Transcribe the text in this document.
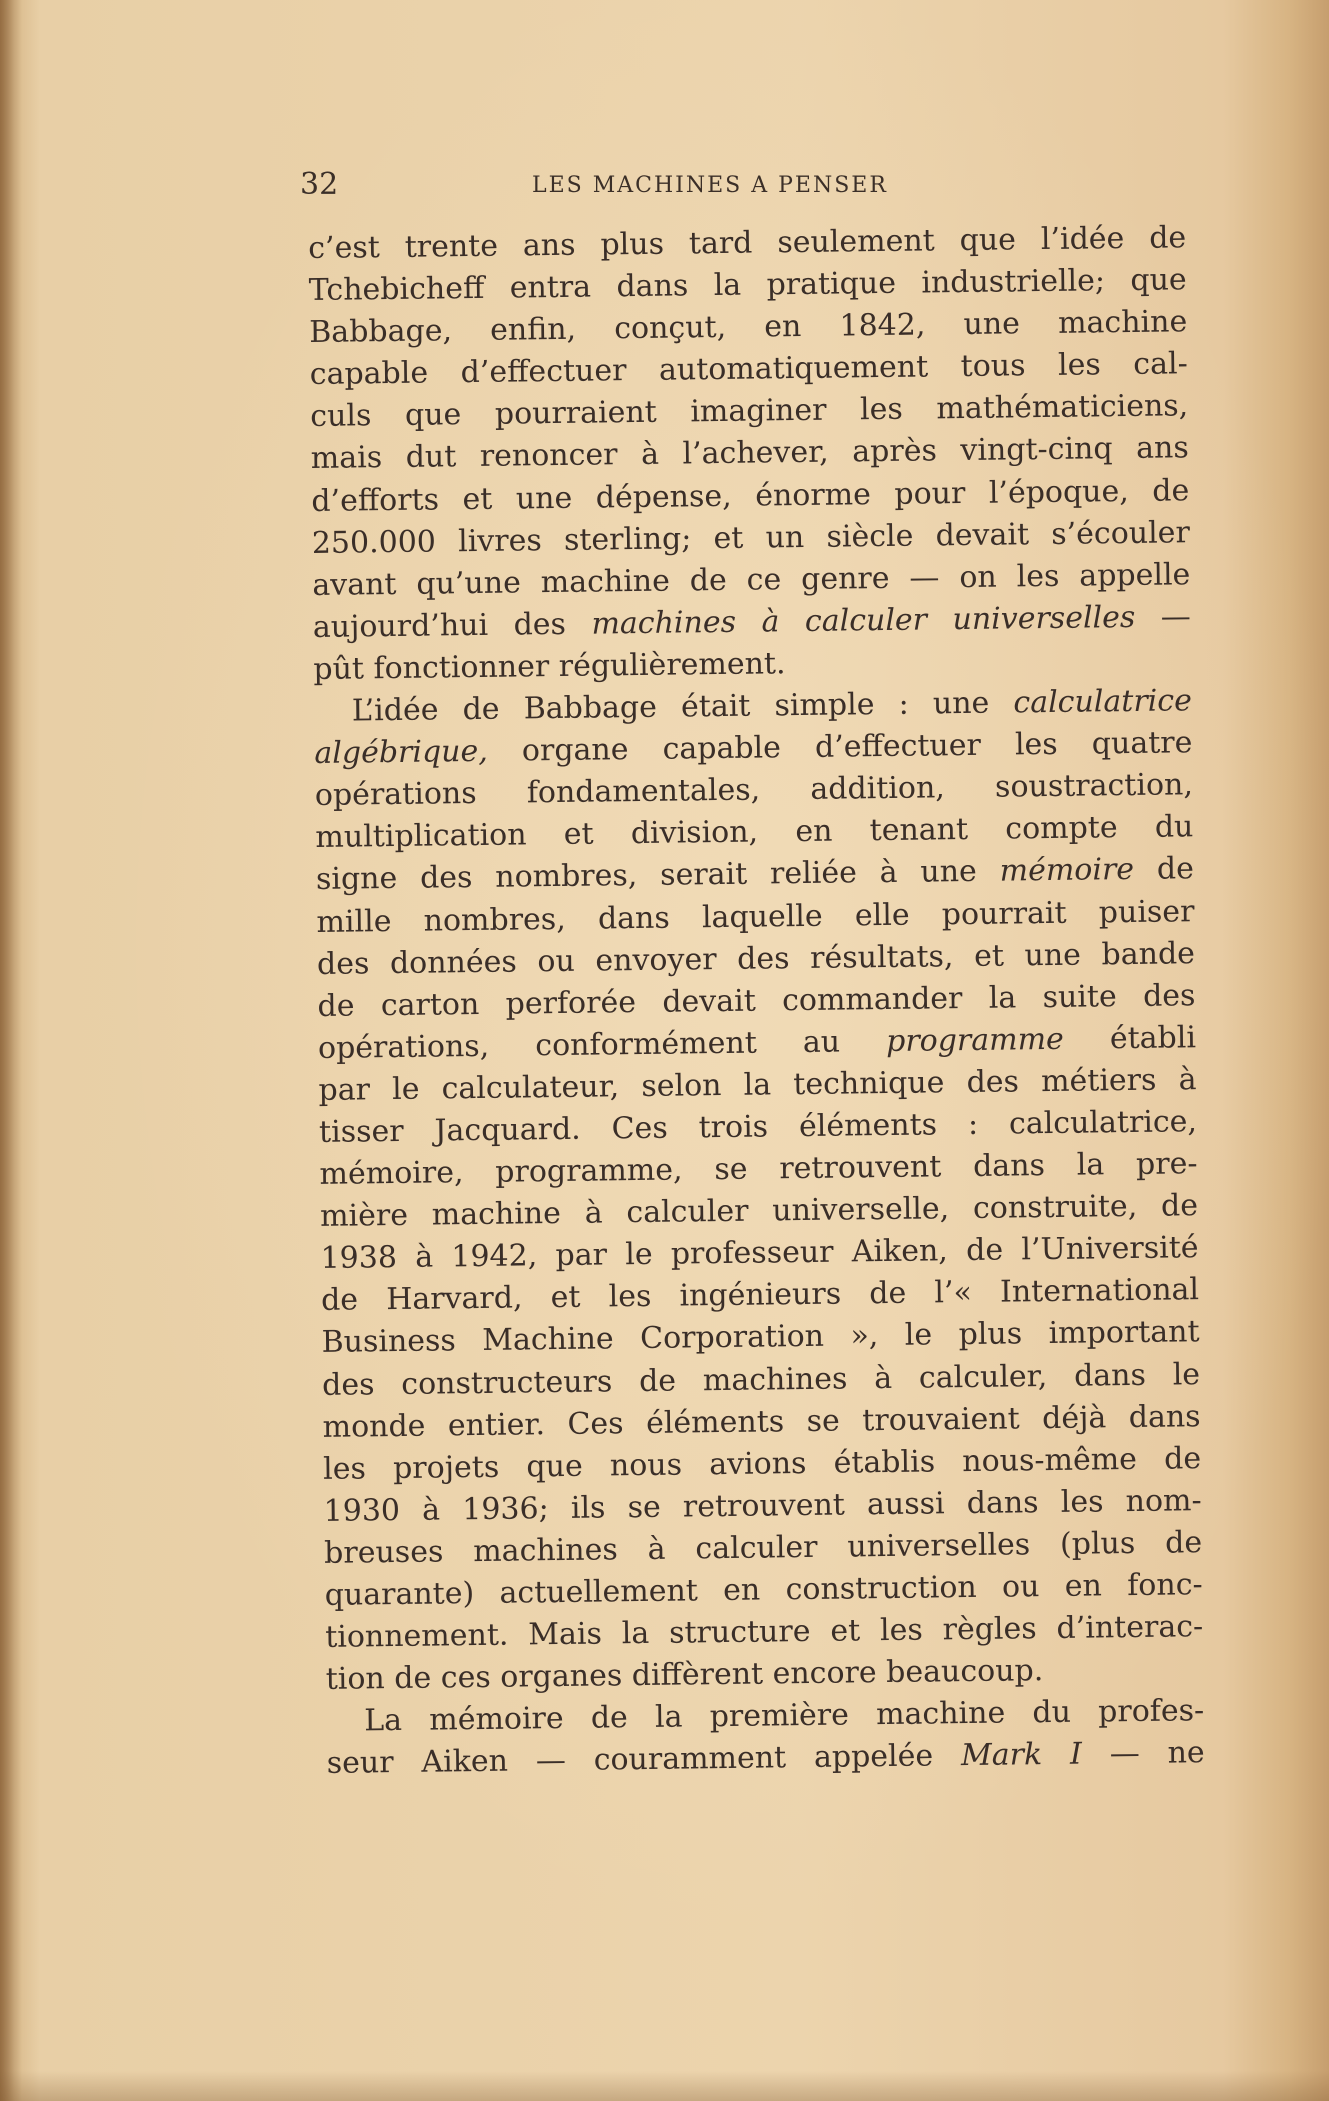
32	LES MACHINES A PENSER
c’est trente ans plus tard seulement que l’idée de
Tchebicheff entra dans la pratique industrielle; que
Babbage, enfin, conçut, en 1842, une machine
capable d’effectuer automatiquement tous les cal-
culs que pourraient imaginer les mathématiciens,
mais dut renoncer à l’achever, après vingt-cinq ans
d’efforts et une dépense, énorme pour l’époque, de
250.000 livres sterling; et un siècle devait s’écouler
avant qu’une machine de ce genre — on les appelle
aujourd’hui des machines à calculer universelles —
pût fonctionner régulièrement.
L’idée de Babbage était simple : une calculatrice
algébrique, organe capable d’effectuer les quatre
opérations fondamentales, addition, soustraction,
multiplication et division, en tenant compte du
signe des nombres, serait reliée à une mémoire de
mille nombres, dans laquelle elle pourrait puiser
des données ou envoyer des résultats, et une bande
de carton perforée devait commander la suite des
opérations, conformément au programme établi
par le calculateur, selon la technique des métiers à
tisser Jacquard. Ces trois éléments : calculatrice,
mémoire, programme, se retrouvent dans la pre-
mière machine à calculer universelle, construite, de
1938 à 1942, par le professeur Aiken, de l’Université
de Harvard, et les ingénieurs de l’« International
Business Machine Corporation », le plus important
des constructeurs de machines à calculer, dans le
monde entier. Ces éléments se trouvaient déjà dans
les projets que nous avions établis nous-même de
1930 à 1936; ils se retrouvent aussi dans les nom-
breuses machines à calculer universelles (plus de
quarante) actuellement en construction ou en fonc-
tionnement. Mais la structure et les règles d’interac-
tion de ces organes diffèrent encore beaucoup.
La mémoire de la première machine du profes-
seur Aiken — couramment appelée Mark I — ne
